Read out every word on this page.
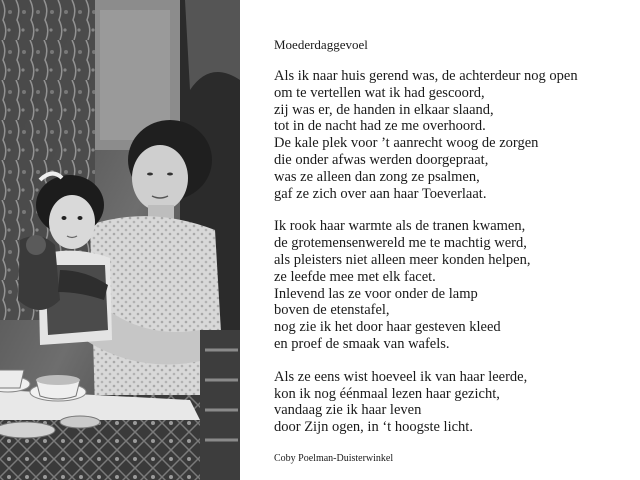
Moederdaggevoel
Als ik naar huis gerend was, de achterdeur nog open
om te vertellen wat ik had gescoord,
zij was er, de handen in elkaar slaand,
tot in de nacht had ze me overhoord.
De kale plek voor ’t aanrecht woog de zorgen
die onder afwas werden doorgepraat,
was ze alleen dan zong ze psalmen,
gaf ze zich over aan haar Toeverlaat.
Ik rook haar warmte als de tranen kwamen,
de grotemensenwereld me te machtig werd,
als pleisters niet alleen meer konden helpen,
ze leefde mee met elk facet.
Inlevend las ze voor onder de lamp
boven de etenstafel,
nog zie ik het door haar gesteven kleed
en proef de smaak van wafels.
Als ze eens wist hoeveel ik van haar leerde,
kon ik nog éénmaal lezen haar gezicht,
vandaag zie ik haar leven
door Zijn ogen, in ‘t hoogste licht.
Coby Poelman-Duisterwinkel
